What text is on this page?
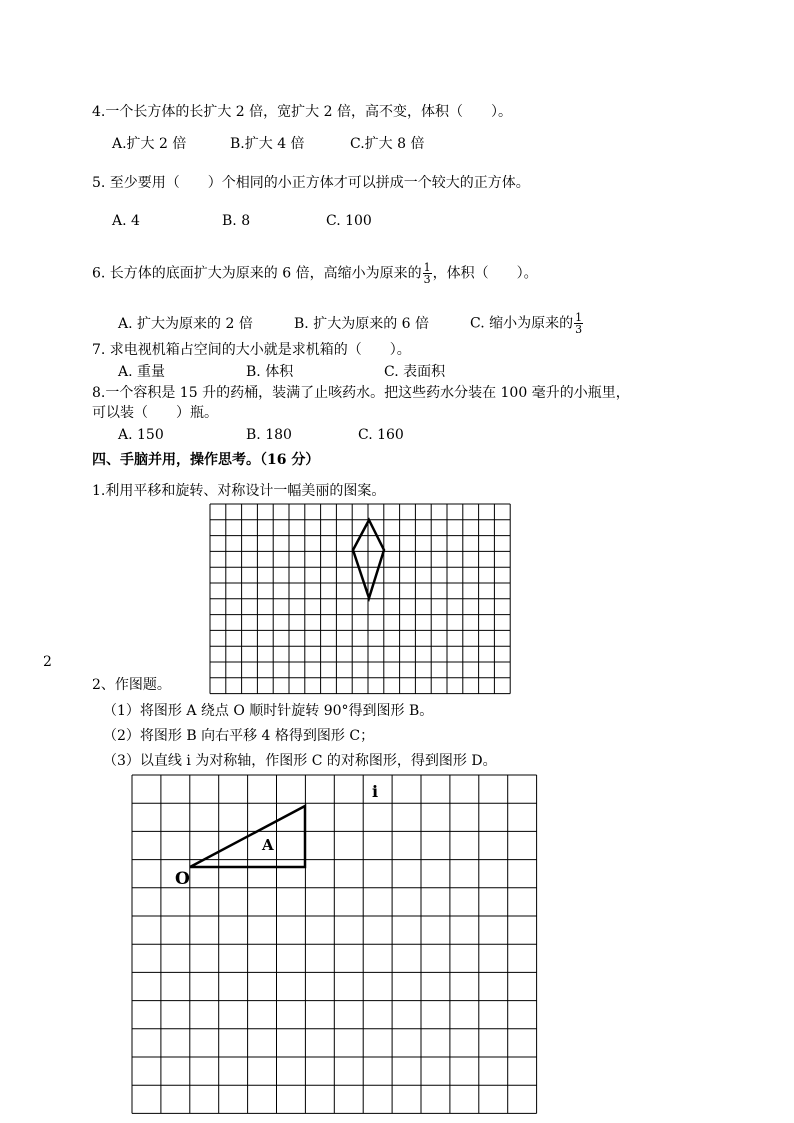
4.一个长方体的长扩大 2 倍，宽扩大 2 倍，高不变，体积（　　）。
A.扩大 2 倍	B.扩大 4 倍	C.扩大 8 倍
5. 至少要用（　　）个相同的小正方体才可以拼成一个较大的正方体。
A. 4	B. 8	C. 100
6. 长方体的底面扩大为原来的 6 倍，高缩小为原来的 $\frac{1}{3}$ ，体积（　　）。
A. 扩大为原来的 2 倍	B. 扩大为原来的 6 倍	C. 缩小为原来的 $\frac{1}{3}$
7. 求电视机箱占空间的大小就是求机箱的（　　）。
A. 重量	B. 体积	C. 表面积
8.一个容积是 15 升的药桶，装满了止咳药水。把这些药水分装在 100 毫升的小瓶里，
可以装（　　）瓶。
A. 150	B. 180	C. 160
四、手脑并用，操作思考。（16 分）
1.利用平移和旋转、对称设计一幅美丽的图案。
2
2、作图题。
（1）将图形 A 绕点 O 顺时针旋转 90°得到图形 B。
（2）将图形 B 向右平移 4 格得到图形 C；
（3）以直线 i 为对称轴，作图形 C 的对称图形，得到图形 D。
A
O
i
